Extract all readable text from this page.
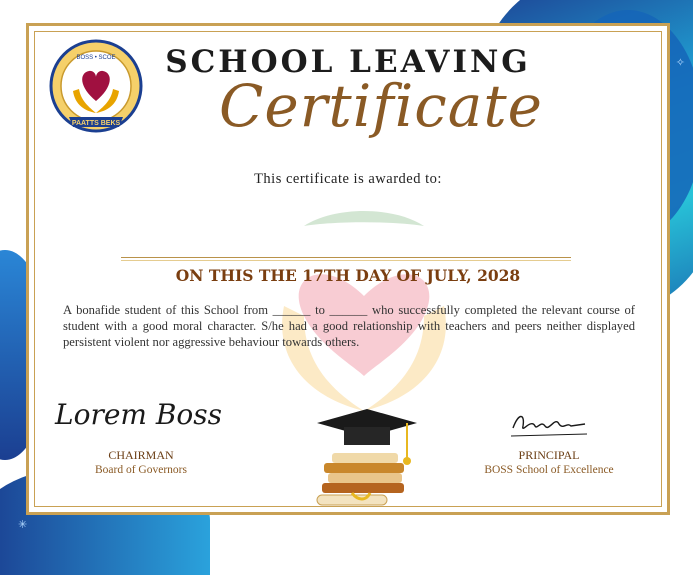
✧
✳
PAATTS BEKS
BOSS • SCOE	SCHOOL LEAVING
Certificate
This certificate is awarded to:
ON THIS THE 17TH DAY OF JULY, 2028
A bonafide student of this School from ______ to ______ who successfully completed the relevant course of student with a good moral character. S/he had a good relationship with teachers and peers neither displayed persistent violent nor aggressive behaviour towards others.
Lorem Boss
CHAIRMAN
Board of Governors
PRINCIPAL
BOSS School of Excellence
